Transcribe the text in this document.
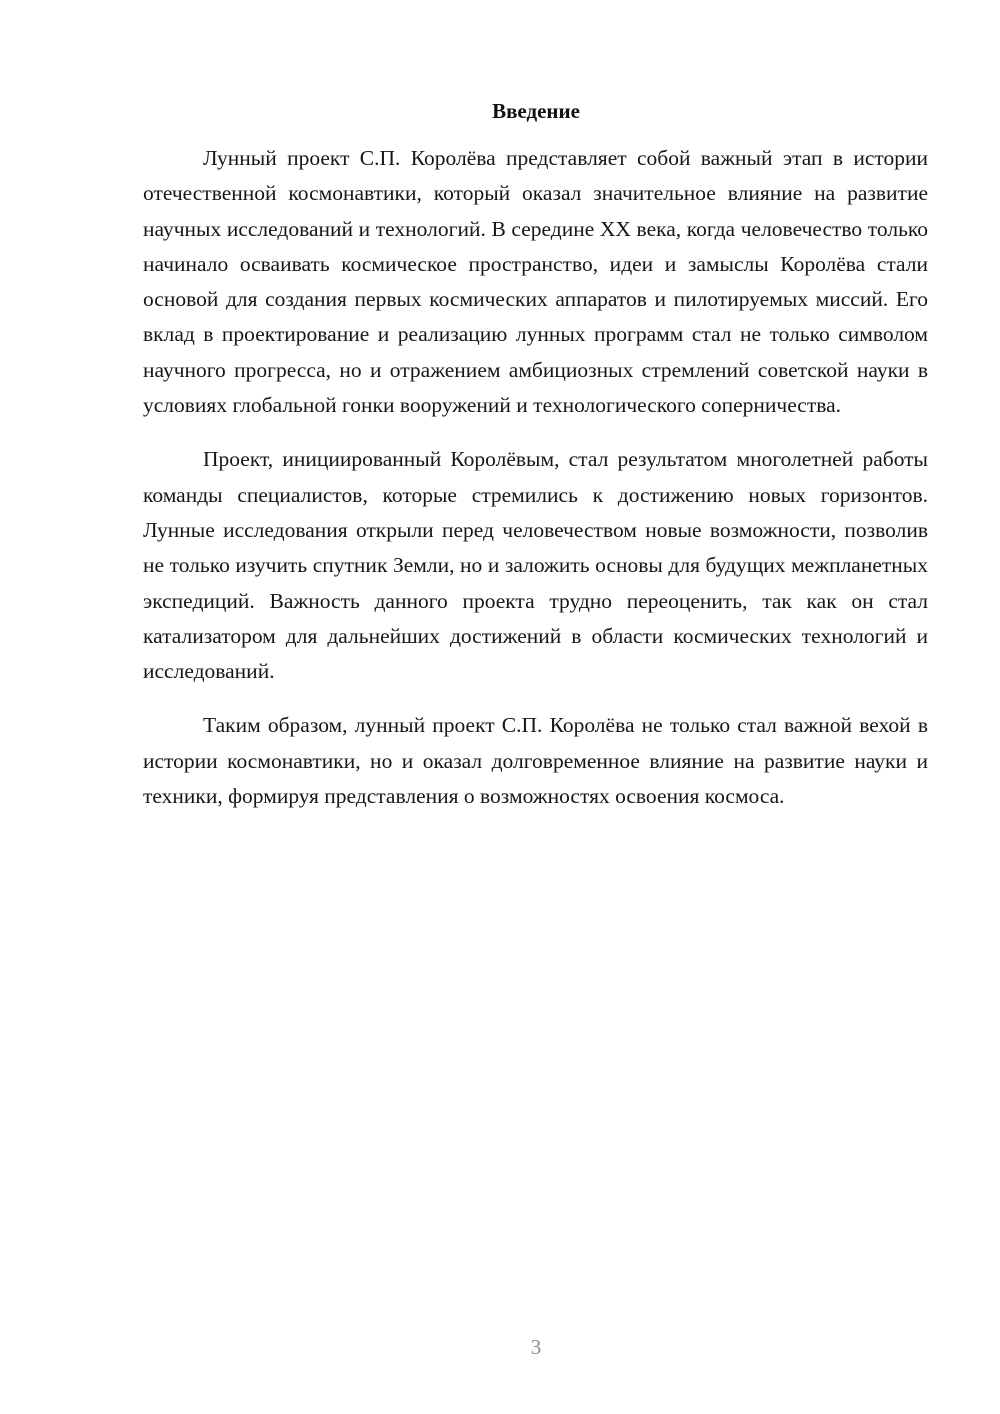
Введение

Лунный проект С.П. Королёва представляет собой важный этап в истории отечественной космонавтики, который оказал значительное влияние на развитие научных исследований и технологий. В середине XX века, когда человечество только начинало осваивать космическое пространство, идеи и замыслы Королёва стали основой для создания первых космических аппаратов и пилотируемых миссий. Его вклад в проектирование и реализацию лунных программ стал не только символом научного прогресса, но и отражением амбициозных стремлений советской науки в условиях глобальной гонки вооружений и технологического соперничества.

Проект, инициированный Королёвым, стал результатом многолетней работы команды специалистов, которые стремились к достижению новых горизонтов. Лунные исследования открыли перед человечеством новые возможности, позволив не только изучить спутник Земли, но и заложить основы для будущих межпланетных экспедиций. Важность данного проекта трудно переоценить, так как он стал катализатором для дальнейших достижений в области космических технологий и исследований.

Таким образом, лунный проект С.П. Королёва не только стал важной вехой в истории космонавтики, но и оказал долговременное влияние на развитие науки и техники, формируя представления о возможностях освоения космоса.

3
